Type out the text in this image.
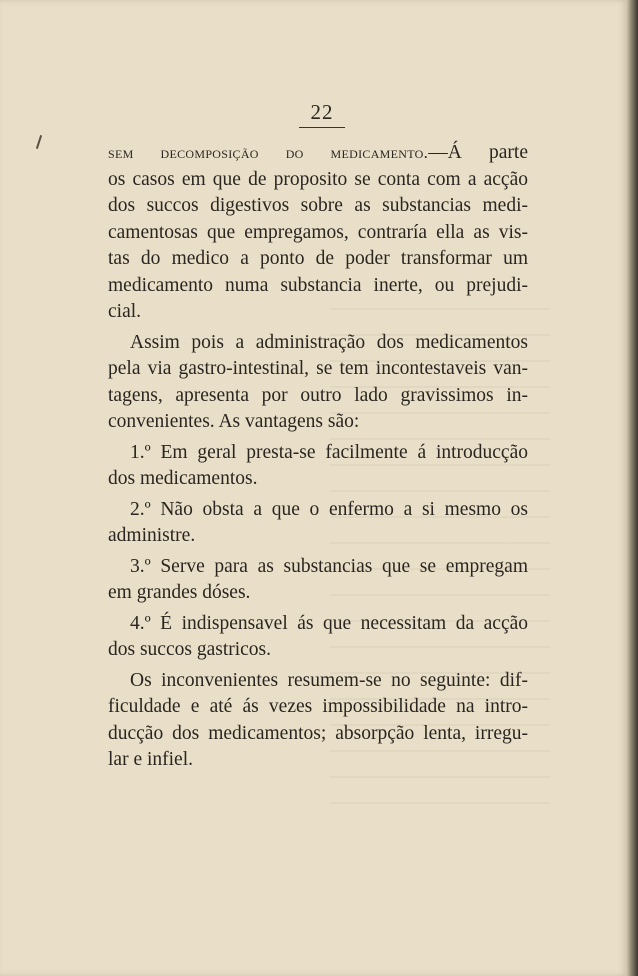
22
sem decomposição do medicamento.—Á parte
os casos em que de proposito se conta com a acção
dos succos digestivos sobre as substancias medi-
camentosas que empregamos, contraría ella as vis-
tas do medico a ponto de poder transformar um
medicamento numa substancia inerte, ou prejudi-
cial.
Assim pois a administração dos medicamentos
pela via gastro-intestinal, se tem incontestaveis van-
tagens, apresenta por outro lado gravissimos in-
convenientes. As vantagens são:
1.º Em geral presta-se facilmente á introducção
dos medicamentos.
2.º Não obsta a que o enfermo a si mesmo os
administre.
3.º Serve para as substancias que se empregam
em grandes dóses.
4.º É indispensavel ás que necessitam da acção
dos succos gastricos.
Os inconvenientes resumem-se no seguinte: dif-
ficuldade e até ás vezes impossibilidade na intro-
ducção dos medicamentos; absorpção lenta, irregu-
lar e infiel.
